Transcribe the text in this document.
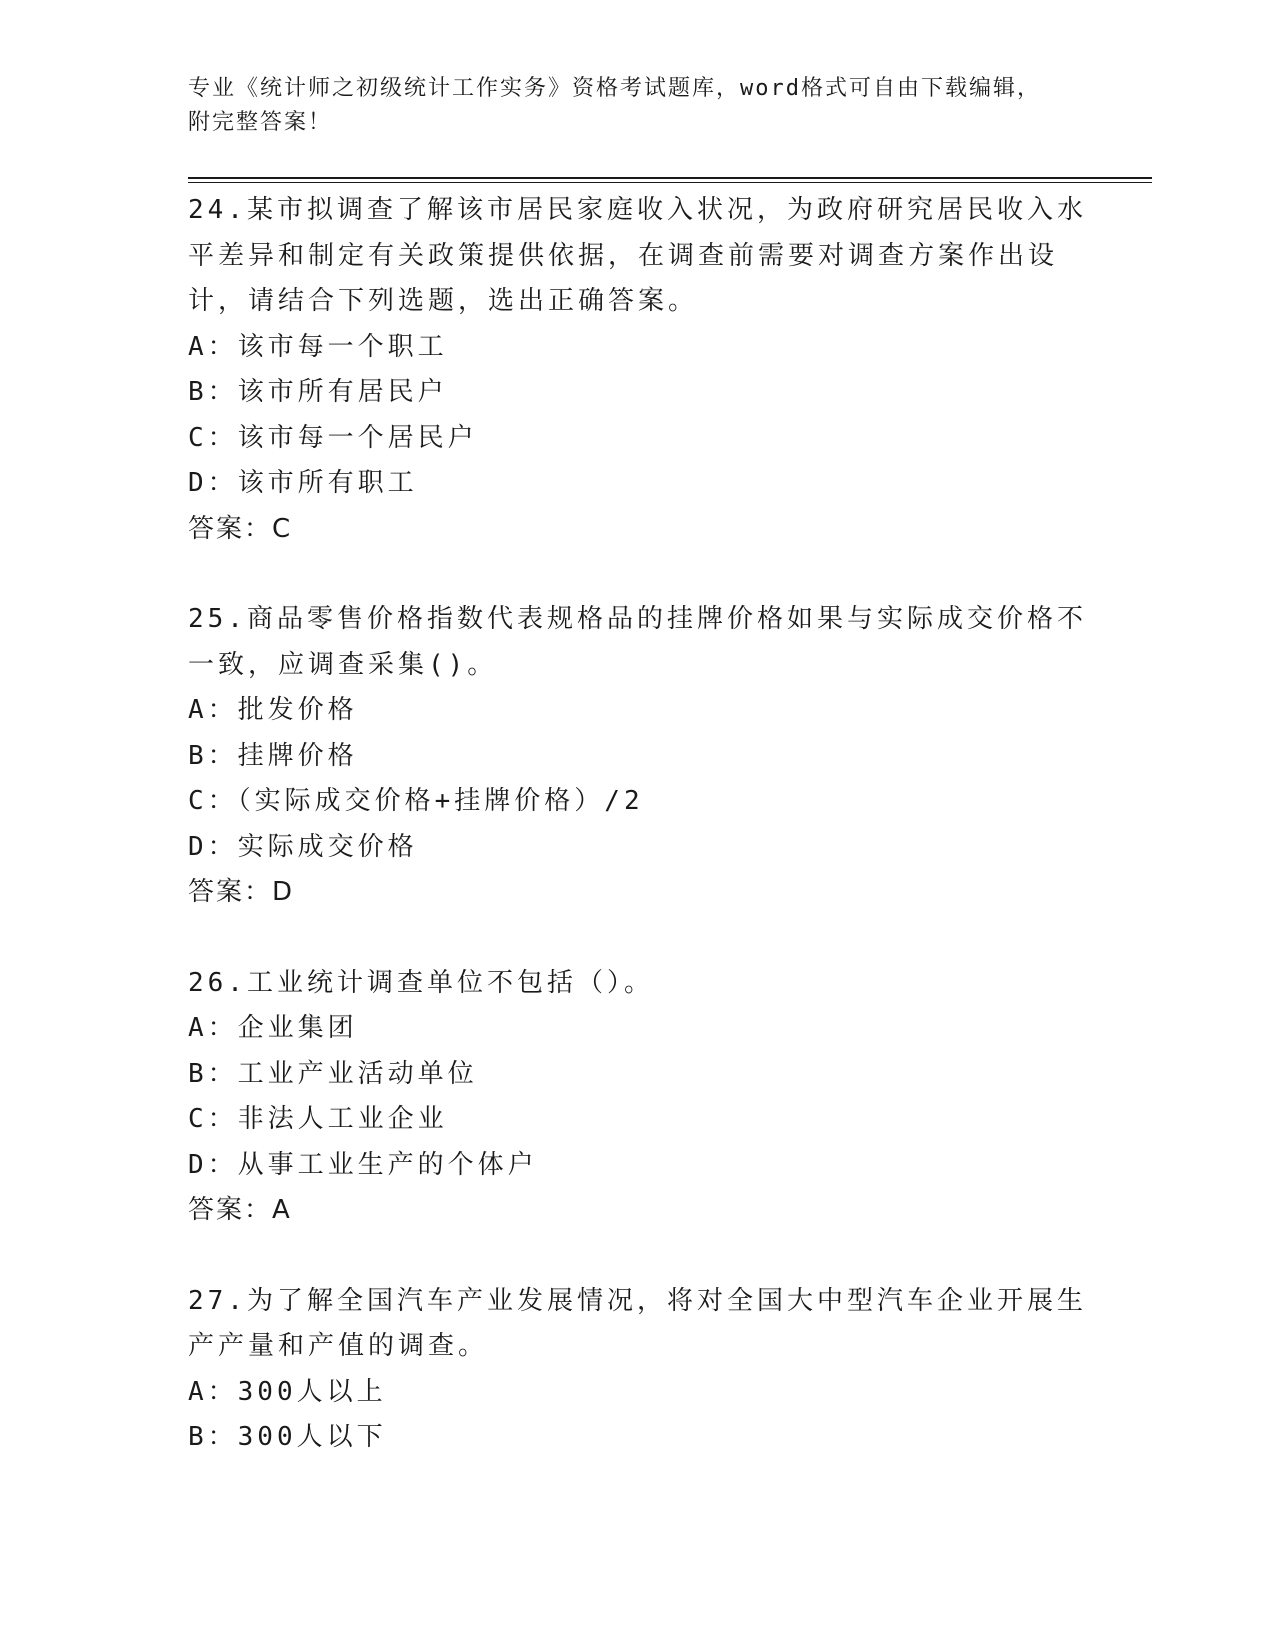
专业《统计师之初级统计工作实务》资格考试题库，word格式可自由下载编辑，
附完整答案！
24.某市拟调查了解该市居民家庭收入状况，为政府研究居民收入水平差异和制定有关政策提供依据，在调查前需要对调查方案作出设计，请结合下列选题，选出正确答案。
A：该市每一个职工
B：该市所有居民户
C：该市每一个居民户
D：该市所有职工
答案：C
25.商品零售价格指数代表规格品的挂牌价格如果与实际成交价格不一致，应调查采集()。
A：批发价格
B：挂牌价格
C：（实际成交价格+挂牌价格）/2
D：实际成交价格
答案：D
26.工业统计调查单位不包括（）。
A：企业集团
B：工业产业活动单位
C：非法人工业企业
D：从事工业生产的个体户
答案：A
27.为了解全国汽车产业发展情况，将对全国大中型汽车企业开展生产产量和产值的调查。
A：300人以上
B：300人以下
